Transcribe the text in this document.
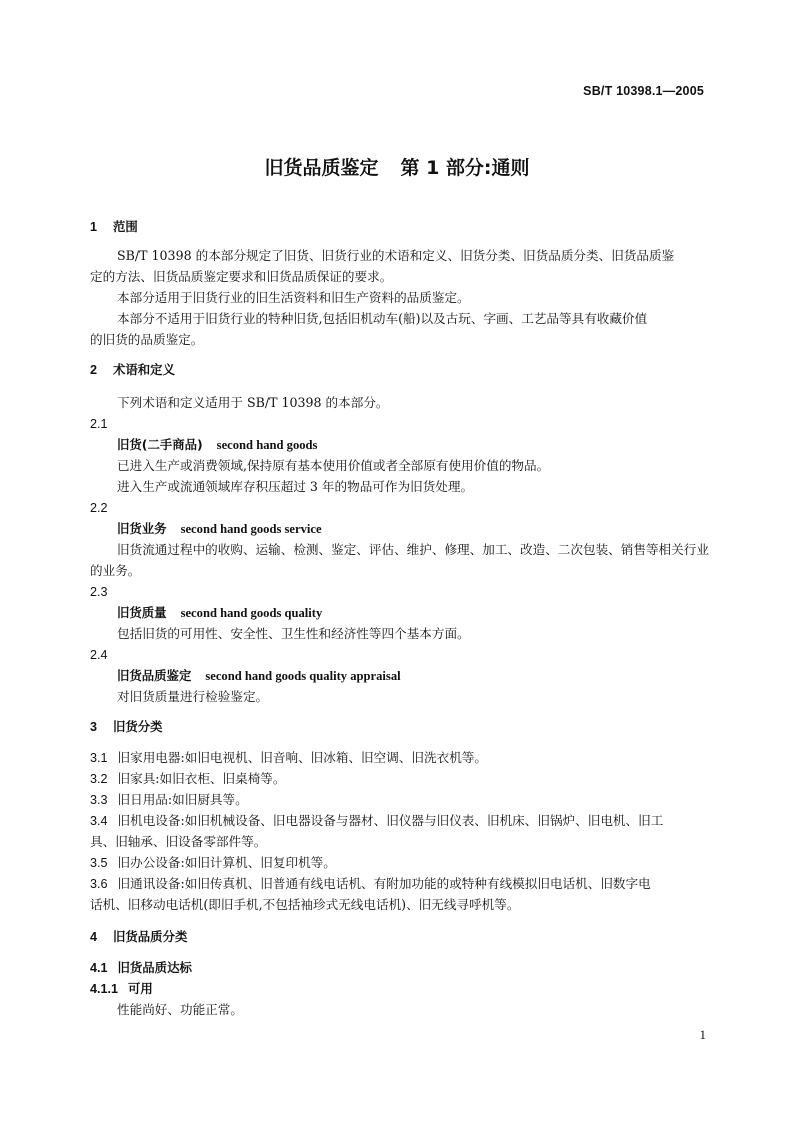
SB/T 10398.1—2005
旧货品质鉴定 第 1 部分:通则
1 范围
SB/T 10398 的本部分规定了旧货、旧货行业的术语和定义、旧货分类、旧货品质分类、旧货品质鉴
定的方法、旧货品质鉴定要求和旧货品质保证的要求。
本部分适用于旧货行业的旧生活资料和旧生产资料的品质鉴定。
本部分不适用于旧货行业的特种旧货,包括旧机动车(船)以及古玩、字画、工艺品等具有收藏价值
的旧货的品质鉴定。
2 术语和定义
下列术语和定义适用于 SB/T 10398 的本部分。
2.1
旧货(二手商品) second hand goods
已进入生产或消费领域,保持原有基本使用价值或者全部原有使用价值的物品。
进入生产或流通领域库存积压超过 3 年的物品可作为旧货处理。
2.2
旧货业务 second hand goods service
旧货流通过程中的收购、运输、检测、鉴定、评估、维护、修理、加工、改造、二次包装、销售等相关行业
的业务。
2.3
旧货质量 second hand goods quality
包括旧货的可用性、安全性、卫生性和经济性等四个基本方面。
2.4
旧货品质鉴定 second hand goods quality appraisal
对旧货质量进行检验鉴定。
3 旧货分类
3.1 旧家用电器:如旧电视机、旧音响、旧冰箱、旧空调、旧洗衣机等。
3.2 旧家具:如旧衣柜、旧桌椅等。
3.3 旧日用品:如旧厨具等。
3.4 旧机电设备:如旧机械设备、旧电器设备与器材、旧仪器与旧仪表、旧机床、旧锅炉、旧电机、旧工
具、旧轴承、旧设备零部件等。
3.5 旧办公设备:如旧计算机、旧复印机等。
3.6 旧通讯设备:如旧传真机、旧普通有线电话机、有附加功能的或特种有线模拟旧电话机、旧数字电
话机、旧移动电话机(即旧手机,不包括袖珍式无线电话机)、旧无线寻呼机等。
4 旧货品质分类
4.1 旧货品质达标
4.1.1 可用
性能尚好、功能正常。
1
